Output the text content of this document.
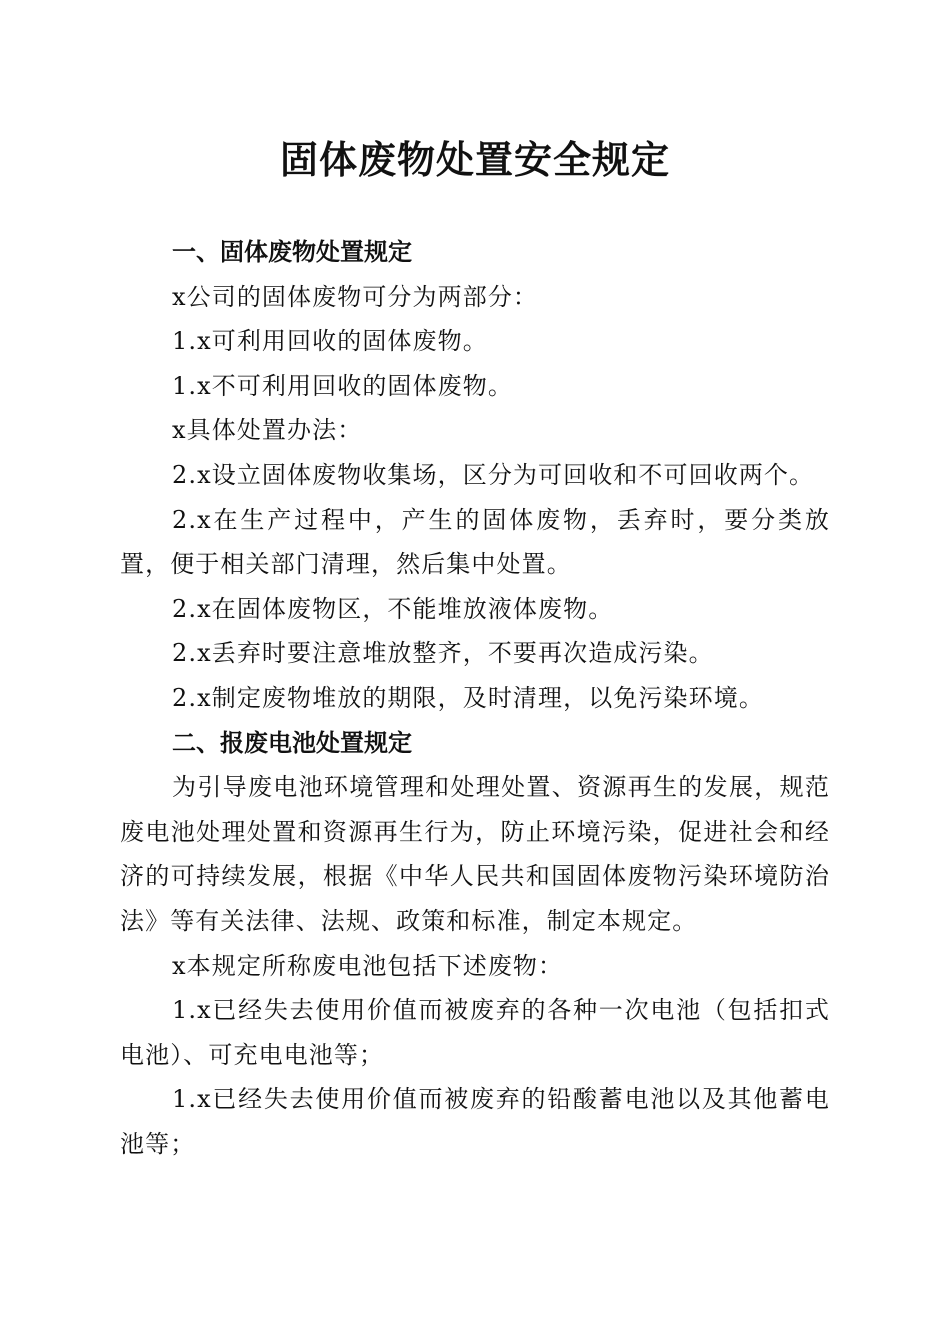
固体废物处置安全规定

一、固体废物处置规定

x公司的固体废物可分为两部分：

1.x可利用回收的固体废物。

1.x不可利用回收的固体废物。

x具体处置办法：

2.x设立固体废物收集场，区分为可回收和不可回收两个。

2.x在生产过程中，产生的固体废物，丢弃时，要分类放置，便于相关部门清理，然后集中处置。

2.x在固体废物区，不能堆放液体废物。

2.x丢弃时要注意堆放整齐，不要再次造成污染。

2.x制定废物堆放的期限，及时清理，以免污染环境。

二、报废电池处置规定

为引导废电池环境管理和处理处置、资源再生的发展，规范废电池处理处置和资源再生行为，防止环境污染，促进社会和经济的可持续发展，根据《中华人民共和国固体废物污染环境防治法》等有关法律、法规、政策和标准，制定本规定。

x本规定所称废电池包括下述废物：

1.x已经失去使用价值而被废弃的各种一次电池（包括扣式电池）、可充电电池等；

1.x已经失去使用价值而被废弃的铅酸蓄电池以及其他蓄电池等；
